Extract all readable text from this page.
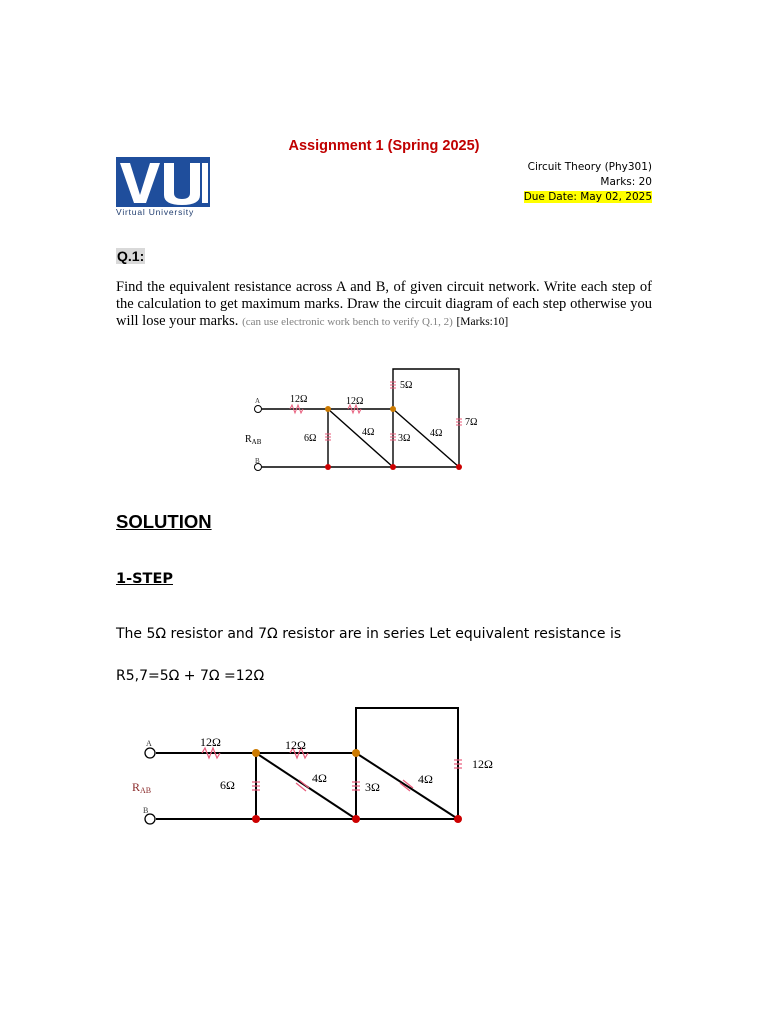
Assignment 1 (Spring 2025)
Virtual University
Circuit Theory (Phy301)
Marks: 20
Due Date: May 02, 2025
Q.1:
Find the equivalent resistance across A and B, of given circuit network. Write each step of the calculation to get maximum marks. Draw the circuit diagram of each step otherwise you will lose your marks. (can use electronic work bench to verify Q.1, 2) [Marks:10]
A
B
$R_{AB}$
12Ω	12Ω
6Ω
4Ω
3Ω 4Ω
5Ω
7Ω
SOLUTION
1-STEP
The 5Ω resistor and 7Ω resistor are in series Let equivalent resistance is
R5,7=5Ω + 7Ω =12Ω
A
B
RAB
12Ω	12Ω
6Ω	4Ω
3Ω
4Ω
12Ω
